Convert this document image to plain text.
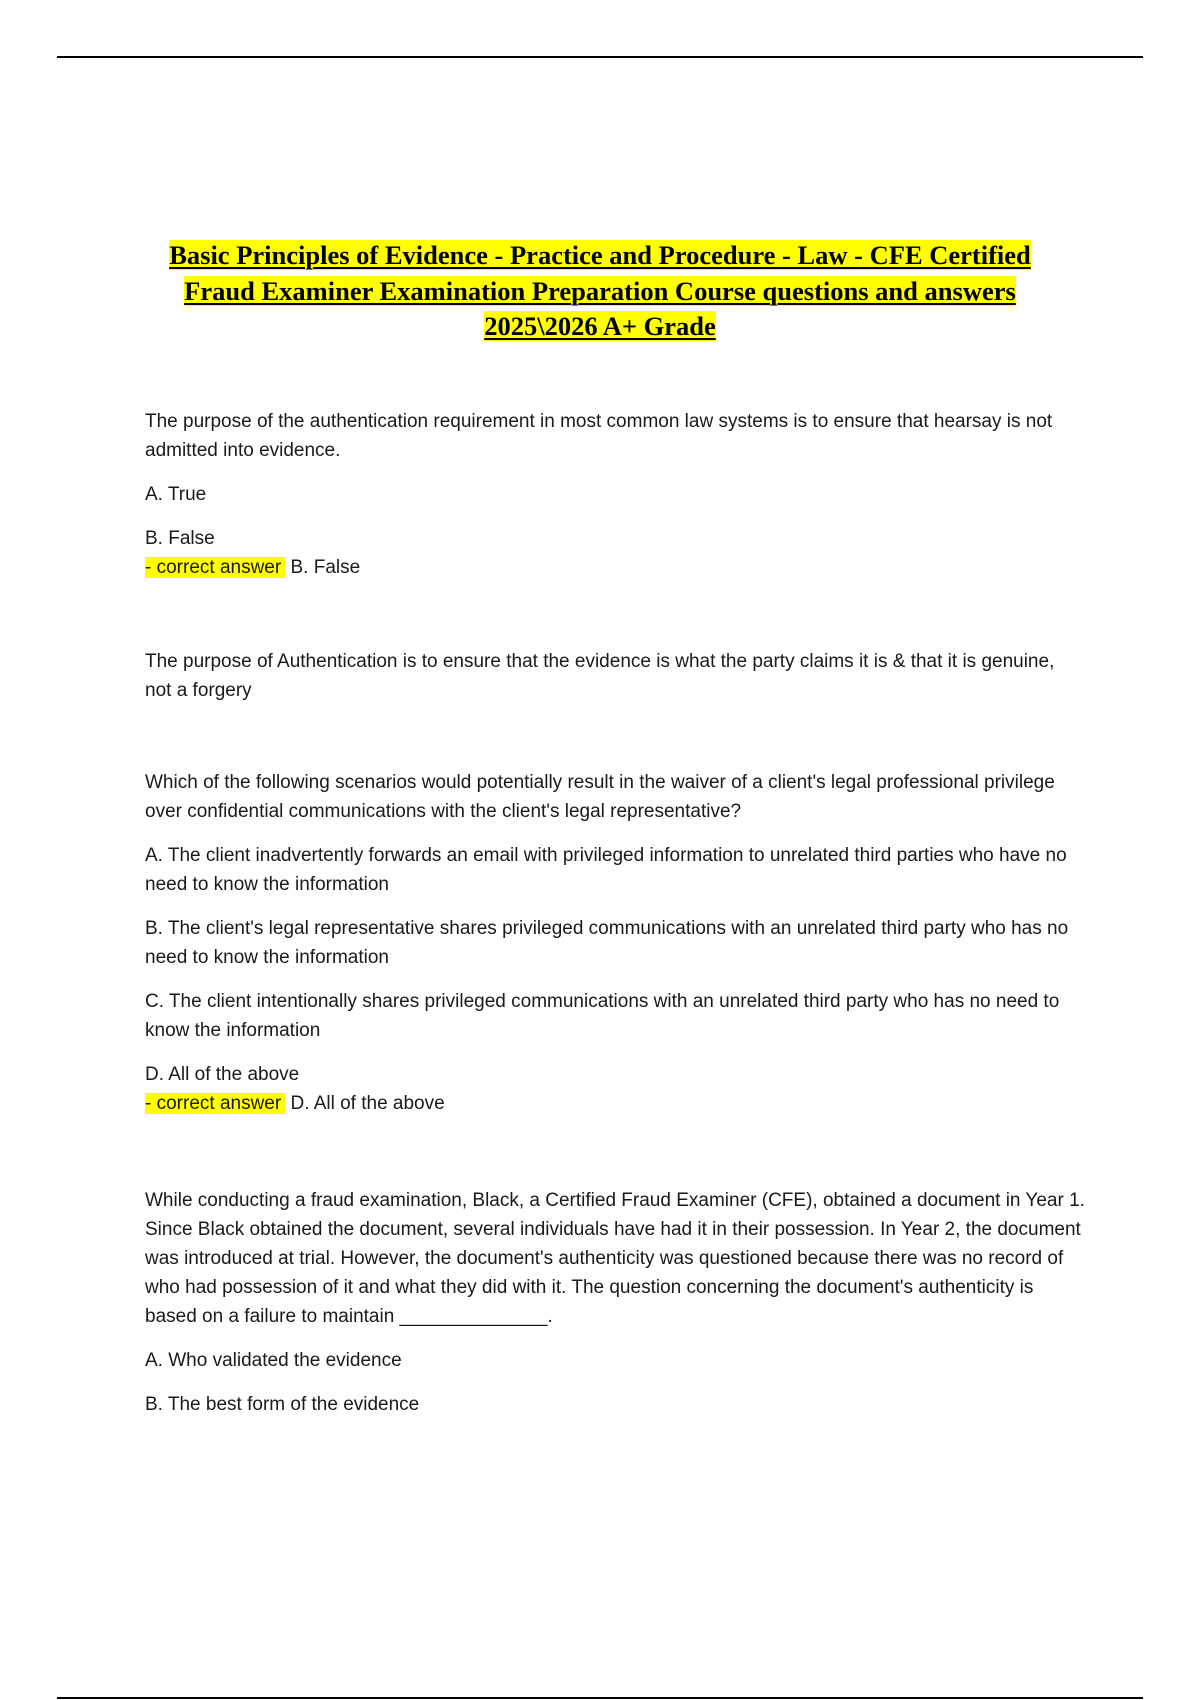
Basic Principles of Evidence - Practice and Procedure - Law - CFE Certified
Fraud Examiner Examination Preparation Course questions and answers
2025\2026 A+ Grade

The purpose of the authentication requirement in most common law systems is to ensure that hearsay is not admitted into evidence.

A. True

B. False

- correct answer B. False

The purpose of Authentication is to ensure that the evidence is what the party claims it is & that it is genuine, not a forgery

Which of the following scenarios would potentially result in the waiver of a client's legal professional privilege over confidential communications with the client's legal representative?

A. The client inadvertently forwards an email with privileged information to unrelated third parties who have no need to know the information

B. The client's legal representative shares privileged communications with an unrelated third party who has no need to know the information

C. The client intentionally shares privileged communications with an unrelated third party who has no need to know the information

D. All of the above

- correct answer D. All of the above

While conducting a fraud examination, Black, a Certified Fraud Examiner (CFE), obtained a document in Year 1. Since Black obtained the document, several individuals have had it in their possession. In Year 2, the document was introduced at trial. However, the document's authenticity was questioned because there was no record of who had possession of it and what they did with it. The question concerning the document's authenticity is based on a failure to maintain ______________.

A. Who validated the evidence

B. The best form of the evidence
